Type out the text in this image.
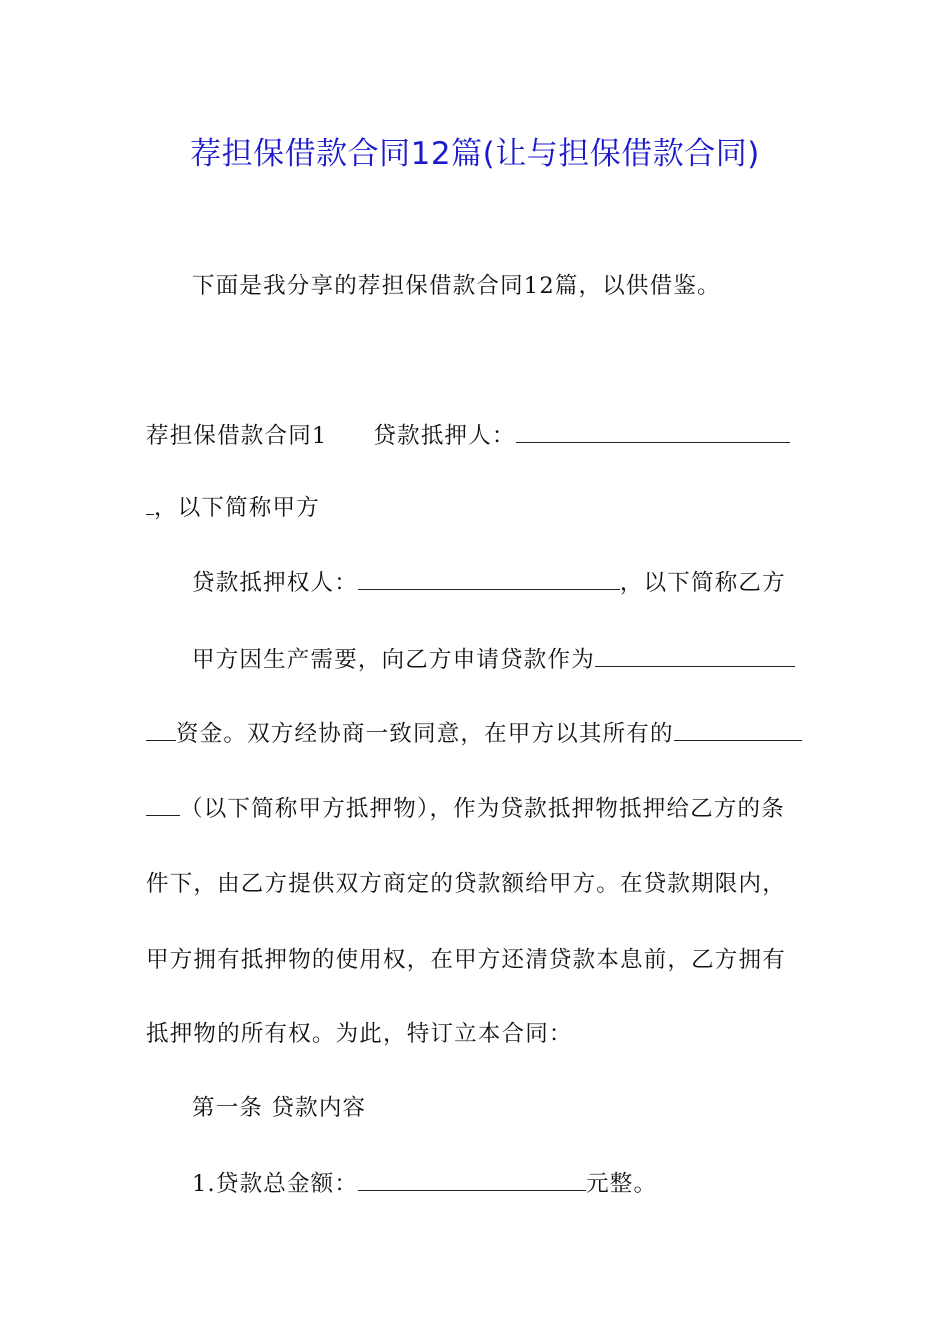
荐担保借款合同12篇(让与担保借款合同)
下面是我分享的荐担保借款合同12篇，以供借鉴。
荐担保借款合同1 贷款抵押人：
，以下简称甲方
贷款抵押权人：	，以下简称乙方
甲方因生产需要，向乙方申请贷款作为
资金。双方经协商一致同意，在甲方以其所有的
（以下简称甲方抵押物），作为贷款抵押物抵押给乙方的条
件下，由乙方提供双方商定的贷款额给甲方。在贷款期限内，
甲方拥有抵押物的使用权，在甲方还清贷款本息前，乙方拥有
抵押物的所有权。为此，特订立本合同：
第一条 贷款内容
1.贷款总金额：	元整。
